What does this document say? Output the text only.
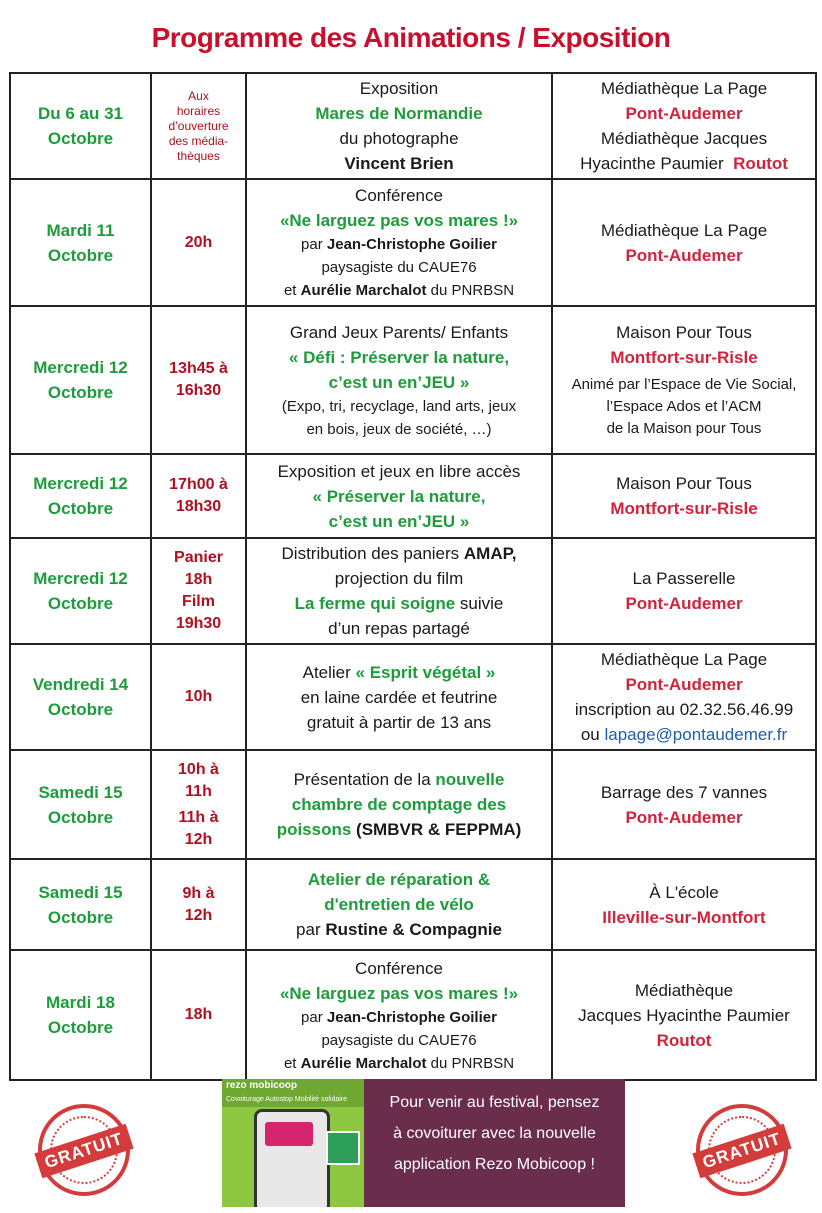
Programme des Animations / Exposition
Du 6 au 31
Octobre	Aux
horaires
d’ouverture
des média-
thèques	Exposition
Mares de Normandie
du photographe
Vincent Brien	Médiathèque La Page
Pont-Audemer
Médiathèque Jacques
Hyacinthe Paumier Routot

Mardi 11
Octobre	20h	Conférence
«Ne larguez pas vos mares !»
par Jean-Christophe Goilier
paysagiste du CAUE76
et Aurélie Marchalot du PNRBSN	Médiathèque La Page
Pont-Audemer

Mercredi 12
Octobre	13h45 à
16h30	Grand Jeux Parents/ Enfants
« Défi : Préserver la nature,
c’est un en’JEU »
(Expo, tri, recyclage, land arts, jeux
en bois, jeux de société, …)	Maison Pour Tous
Montfort-sur-Risle
Animé par l’Espace de Vie Social,
l’Espace Ados et l’ACM
de la Maison pour Tous

Mercredi 12
Octobre	17h00 à
18h30	Exposition et jeux en libre accès
« Préserver la nature,
c’est un en’JEU »	Maison Pour Tous
Montfort-sur-Risle

Mercredi 12
Octobre	Panier
18h
Film
19h30	Distribution des paniers AMAP,
projection du film
La ferme qui soigne suivie
d’un repas partagé	La Passerelle
Pont-Audemer

Vendredi 14
Octobre	10h	Atelier « Esprit végétal »
en laine cardée et feutrine
gratuit à partir de 13 ans	Médiathèque La Page
Pont-Audemer
inscription au 02.32.56.46.99
ou lapage@pontaudemer.fr

Samedi 15
Octobre	10h à
11h
11h à
12h	Présentation de la nouvelle
chambre de comptage des
poissons (SMBVR & FEPPMA)	Barrage des 7 vannes
Pont-Audemer

Samedi 15
Octobre	9h à
12h	Atelier de réparation &
d'entretien de vélo
par Rustine & Compagnie	À L'école
Illeville-sur-Montfort

Mardi 18
Octobre	18h	Conférence
«Ne larguez pas vos mares !»
par Jean-Christophe Goilier
paysagiste du CAUE76
et Aurélie Marchalot du PNRBSN	Médiathèque
Jacques Hyacinthe Paumier
Routot
GRATUIT	GRATUIT
rezo mobicoop
Covoiturage Autostop Mobilité solidaire	Pour venir au festival, pensez
à covoiturer avec la nouvelle
application Rezo Mobicoop !
